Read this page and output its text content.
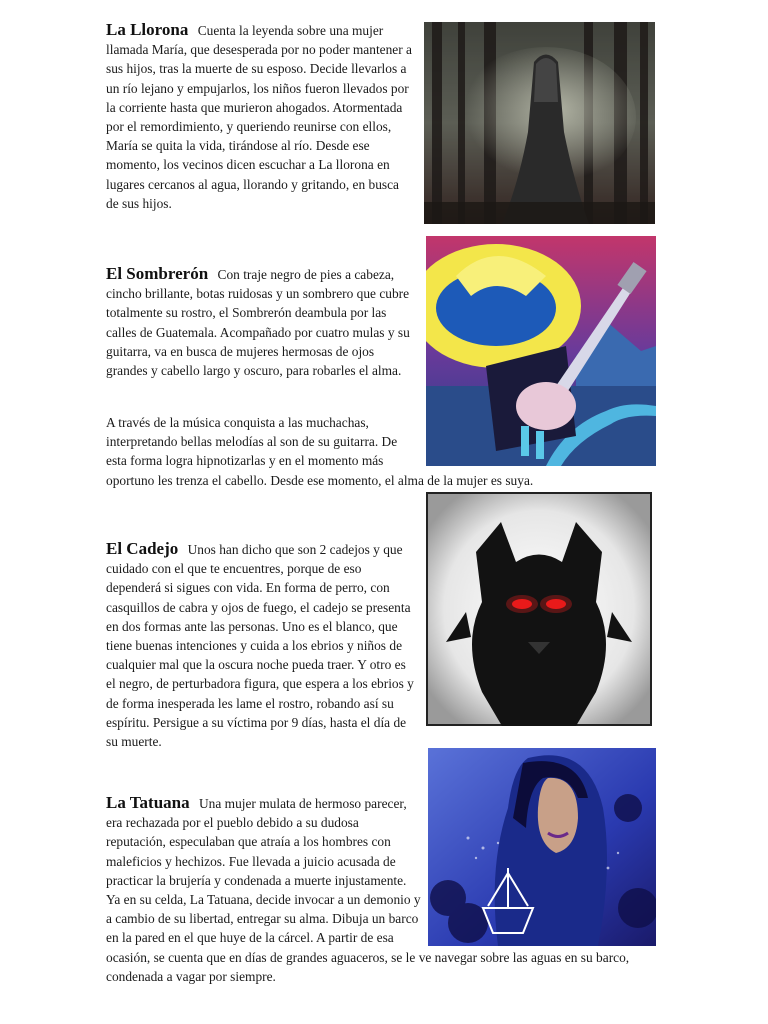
La Llorona Cuenta la leyenda sobre una mujer llamada María, que desesperada por no poder mantener a sus hijos, tras la muerte de su esposo. Decide llevarlos a un río lejano y empujarlos, los niños fueron llevados por la corriente hasta que murieron ahogados. Atormentada por el remordimiento, y queriendo reunirse con ellos, María se quita la vida, tirándose al río. Desde ese momento, los vecinos dicen escuchar a La llorona en lugares cercanos al agua, llorando y gritando, en busca de sus hijos.

El Sombrerón Con traje negro de pies a cabeza, cincho brillante, botas ruidosas y un sombrero que cubre totalmente su rostro, el Sombrerón deambula por las calles de Guatemala. Acompañado por cuatro mulas y su guitarra, va en busca de mujeres hermosas de ojos grandes y cabello largo y oscuro, para robarles el alma.

A través de la música conquista a las muchachas, interpretando bellas melodías al son de su guitarra. De esta forma logra hipnotizarlas y en el momento más oportuno les trenza el cabello. Desde ese momento, el alma de la mujer es suya.

El Cadejo Unos han dicho que son 2 cadejos y que cuidado con el que te encuentres, porque de eso dependerá si sigues con vida. En forma de perro, con casquillos de cabra y ojos de fuego, el cadejo se presenta en dos formas ante las personas. Uno es el blanco, que tiene buenas intenciones y cuida a los ebrios y niños de cualquier mal que la oscura noche pueda traer. Y otro es el negro, de perturbadora figura, que espera a los ebrios y de forma inesperada les lame el rostro, robando así su espíritu. Persigue a su víctima por 9 días, hasta el día de su muerte.

La Tatuana Una mujer mulata de hermoso parecer, era rechazada por el pueblo debido a su dudosa reputación, especulaban que atraía a los hombres con maleficios y hechizos. Fue llevada a juicio acusada de practicar la brujería y condenada a muerte injustamente. Ya en su celda, La Tatuana, decide invocar a un demonio y a cambio de su libertad, entregar su alma. Dibuja un barco en la pared en el que huye de la cárcel. A partir de esa ocasión, se cuenta que en días de grandes aguaceros, se le ve navegar sobre las aguas en su barco, condenada a vagar por siempre.
